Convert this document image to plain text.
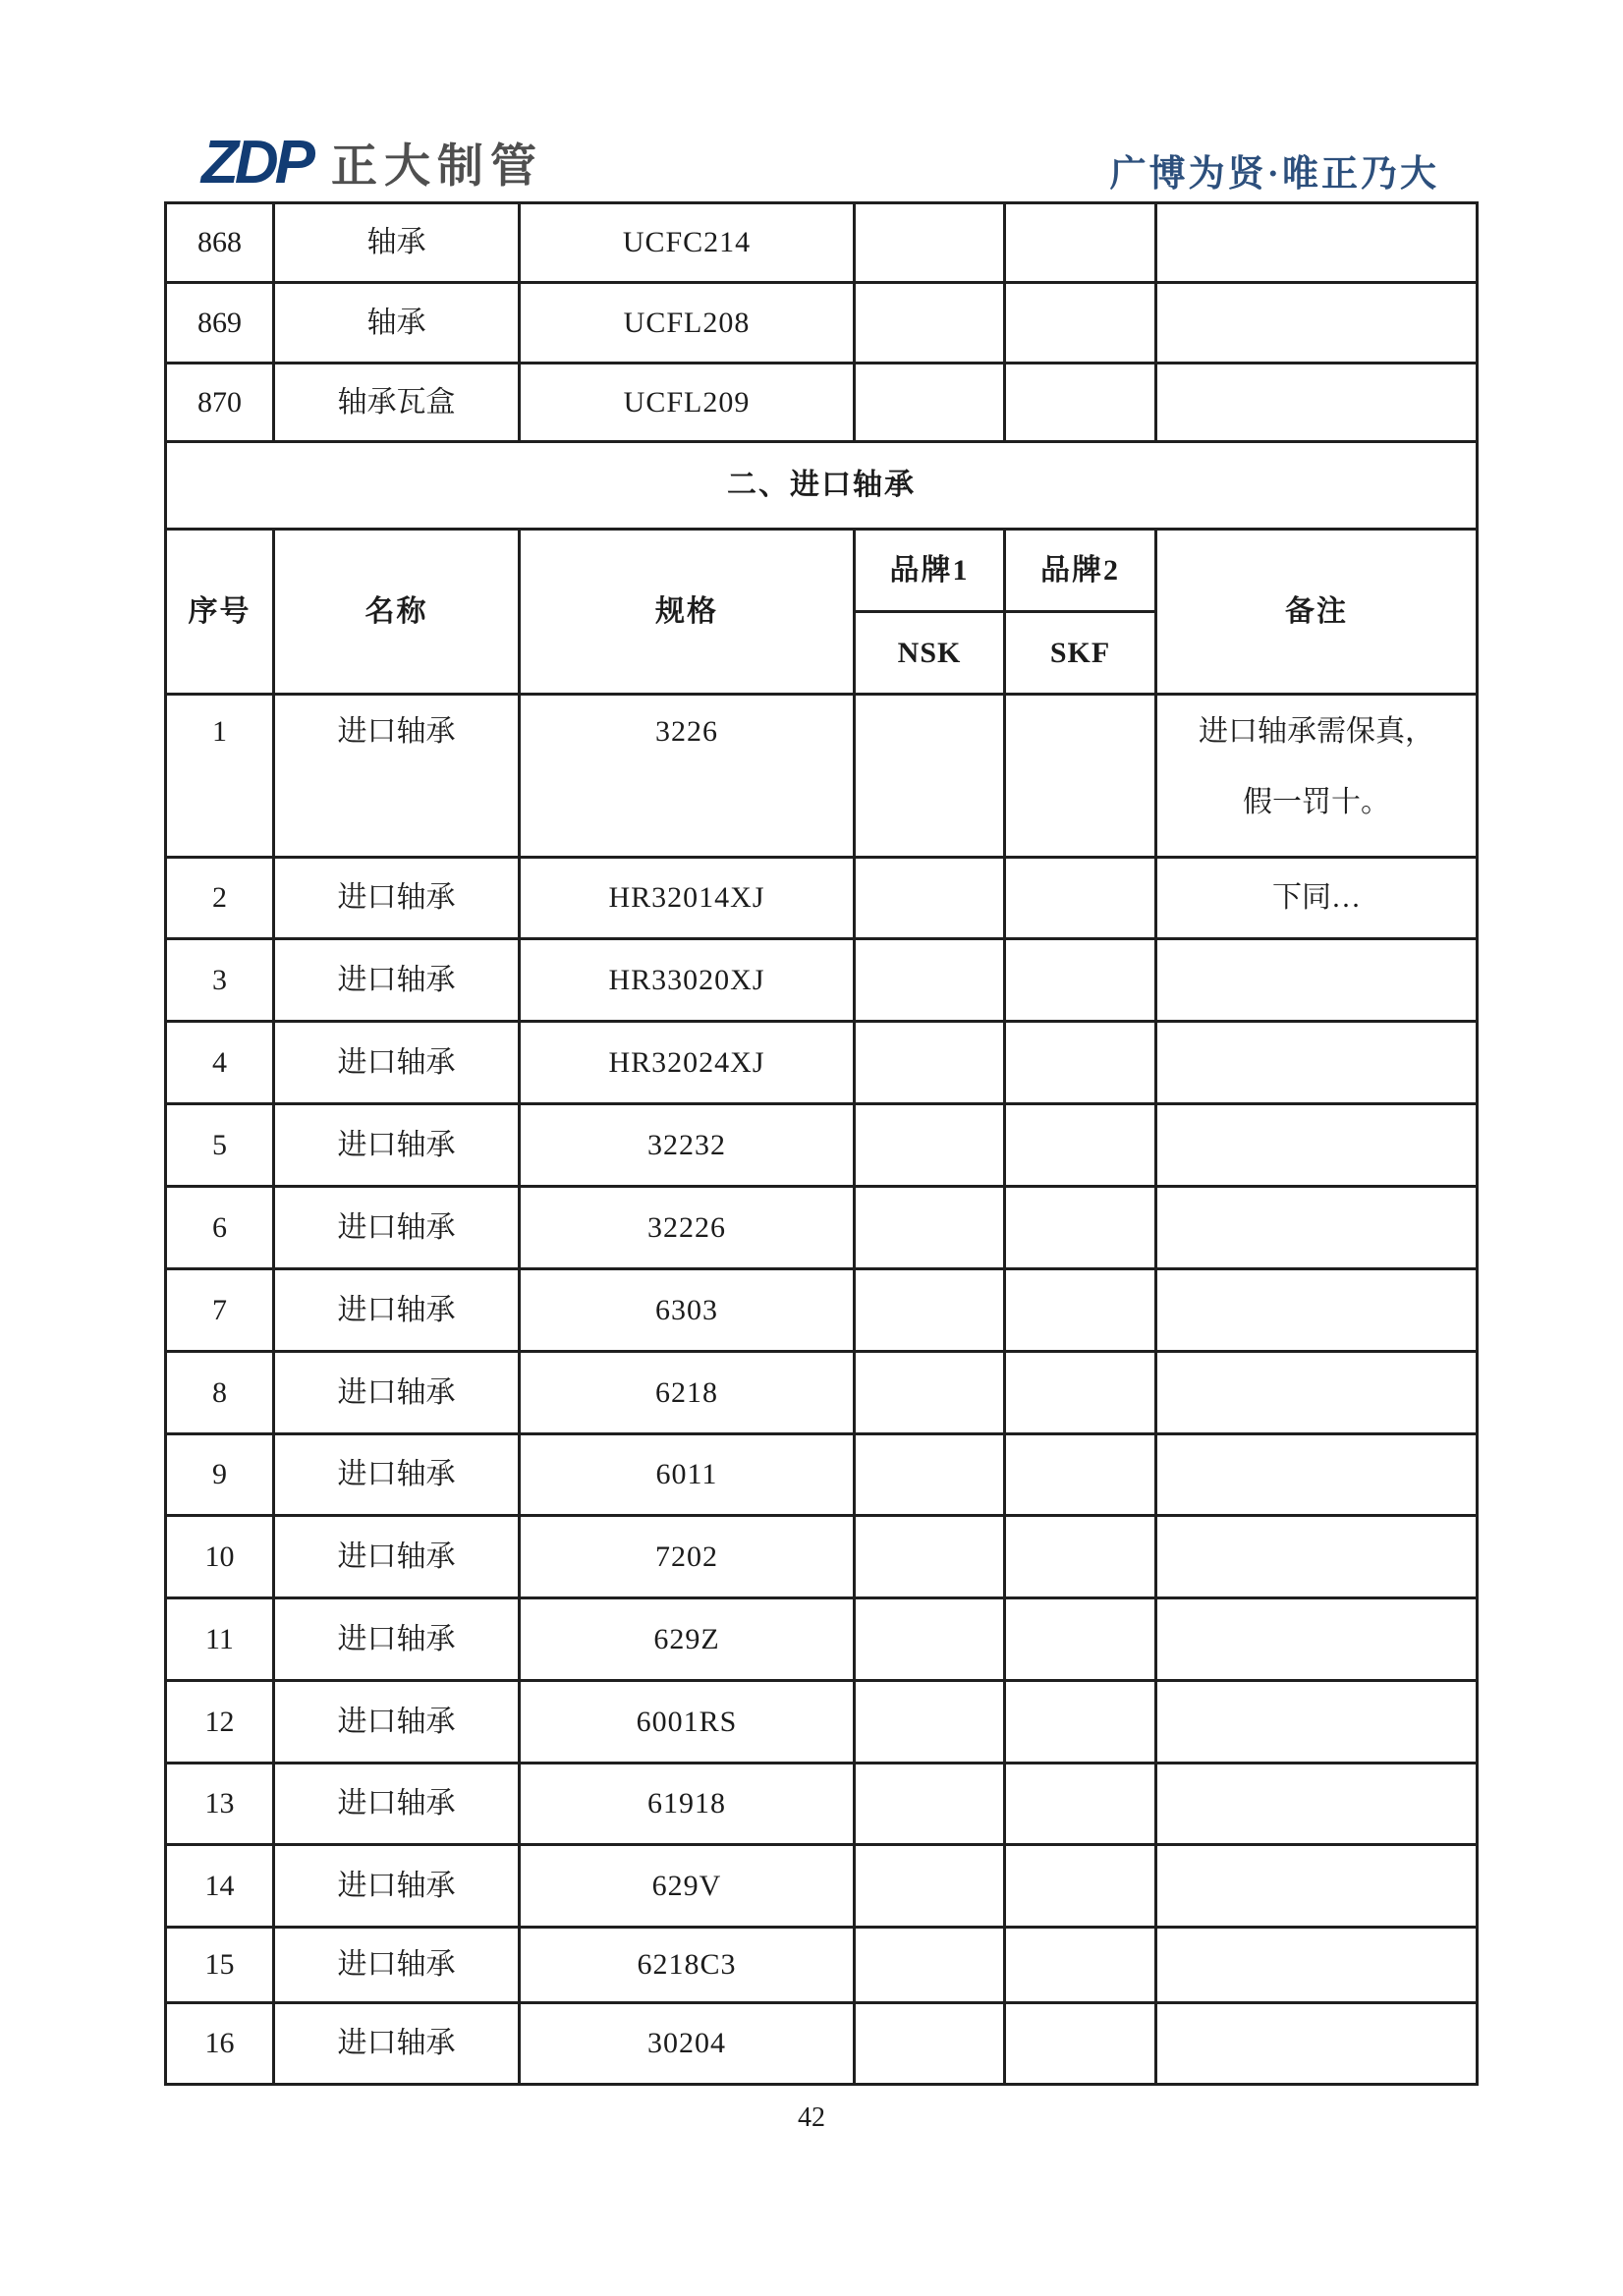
ZDP 正大制管	广博为贤·唯正乃大
868	轴承	UCFC214			
869	轴承	UCFL208			
870	轴承瓦盒	UCFL209			
二、进口轴承					
序号	名称	规格	品牌1	品牌2	备注
			NSK	SKF	

1	进口轴承	3226			进口轴承需保真，
假一罚十。

2	进口轴承	HR32014XJ			下同…
3	进口轴承	HR33020XJ			
4	进口轴承	HR32024XJ			
5	进口轴承	32232			
6	进口轴承	32226			
7	进口轴承	6303			
8	进口轴承	6218			
9	进口轴承	6011			
10	进口轴承	7202			
11	进口轴承	629Z			
12	进口轴承	6001RS			
13	进口轴承	61918			
14	进口轴承	629V			
15	进口轴承	6218C3			
16	进口轴承	30204			
42
